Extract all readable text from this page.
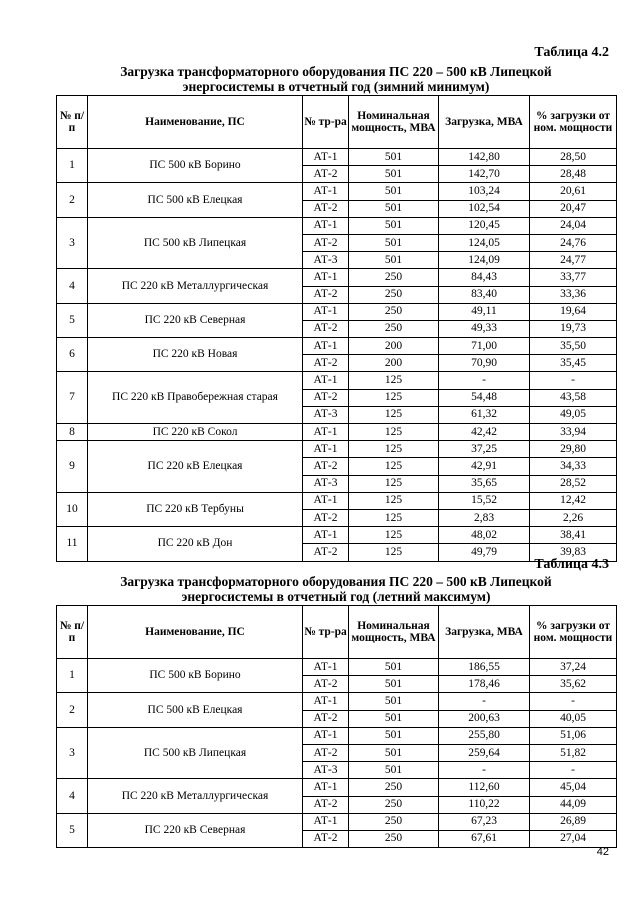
Таблица 4.2
Загрузка трансформаторного оборудования ПС 220 – 500 кВ Липецкой
энергосистемы в отчетный год (зимний минимум)
№ п/п	Наименование, ПС	№ тр-ра	Номинальная мощность, МВА	Загрузка, МВА	% загрузки от ном. мощности
1	ПС 500 кВ Борино	АТ-1	501	142,80	28,50
		АТ-2	501	142,70	28,48
2	ПС 500 кВ Елецкая	АТ-1	501	103,24	20,61
		АТ-2	501	102,54	20,47
3	ПС 500 кВ Липецкая	АТ-1	501	120,45	24,04
		АТ-2	501	124,05	24,76
		АТ-3	501	124,09	24,77
4	ПС 220 кВ Металлургическая	АТ-1	250	84,43	33,77
		АТ-2	250	83,40	33,36
5	ПС 220 кВ Северная	АТ-1	250	49,11	19,64
		АТ-2	250	49,33	19,73
6	ПС 220 кВ Новая	АТ-1	200	71,00	35,50
		АТ-2	200	70,90	35,45
7	ПС 220 кВ Правобережная старая	АТ-1	125	-	-
		АТ-2	125	54,48	43,58
		АТ-3	125	61,32	49,05
8	ПС 220 кВ Сокол	АТ-1	125	42,42	33,94
9	ПС 220 кВ Елецкая	АТ-1	125	37,25	29,80
		АТ-2	125	42,91	34,33
		АТ-3	125	35,65	28,52
10	ПС 220 кВ Тербуны	АТ-1	125	15,52	12,42
		АТ-2	125	2,83	2,26
11	ПС 220 кВ Дон	АТ-1	125	48,02	38,41
		АТ-2	125	49,79	39,83
Таблица 4.3
Загрузка трансформаторного оборудования ПС 220 – 500 кВ Липецкой
энергосистемы в отчетный год (летний максимум)
№ п/п	Наименование, ПС	№ тр-ра	Номинальная мощность, МВА	Загрузка, МВА	% загрузки от ном. мощности
1	ПС 500 кВ Борино	АТ-1	501	186,55	37,24
		АТ-2	501	178,46	35,62
2	ПС 500 кВ Елецкая	АТ-1	501	-	-
		АТ-2	501	200,63	40,05
3	ПС 500 кВ Липецкая	АТ-1	501	255,80	51,06
		АТ-2	501	259,64	51,82
		АТ-3	501	-	-
4	ПС 220 кВ Металлургическая	АТ-1	250	112,60	45,04
		АТ-2	250	110,22	44,09
5	ПС 220 кВ Северная	АТ-1	250	67,23	26,89
		АТ-2	250	67,61	27,04
42
